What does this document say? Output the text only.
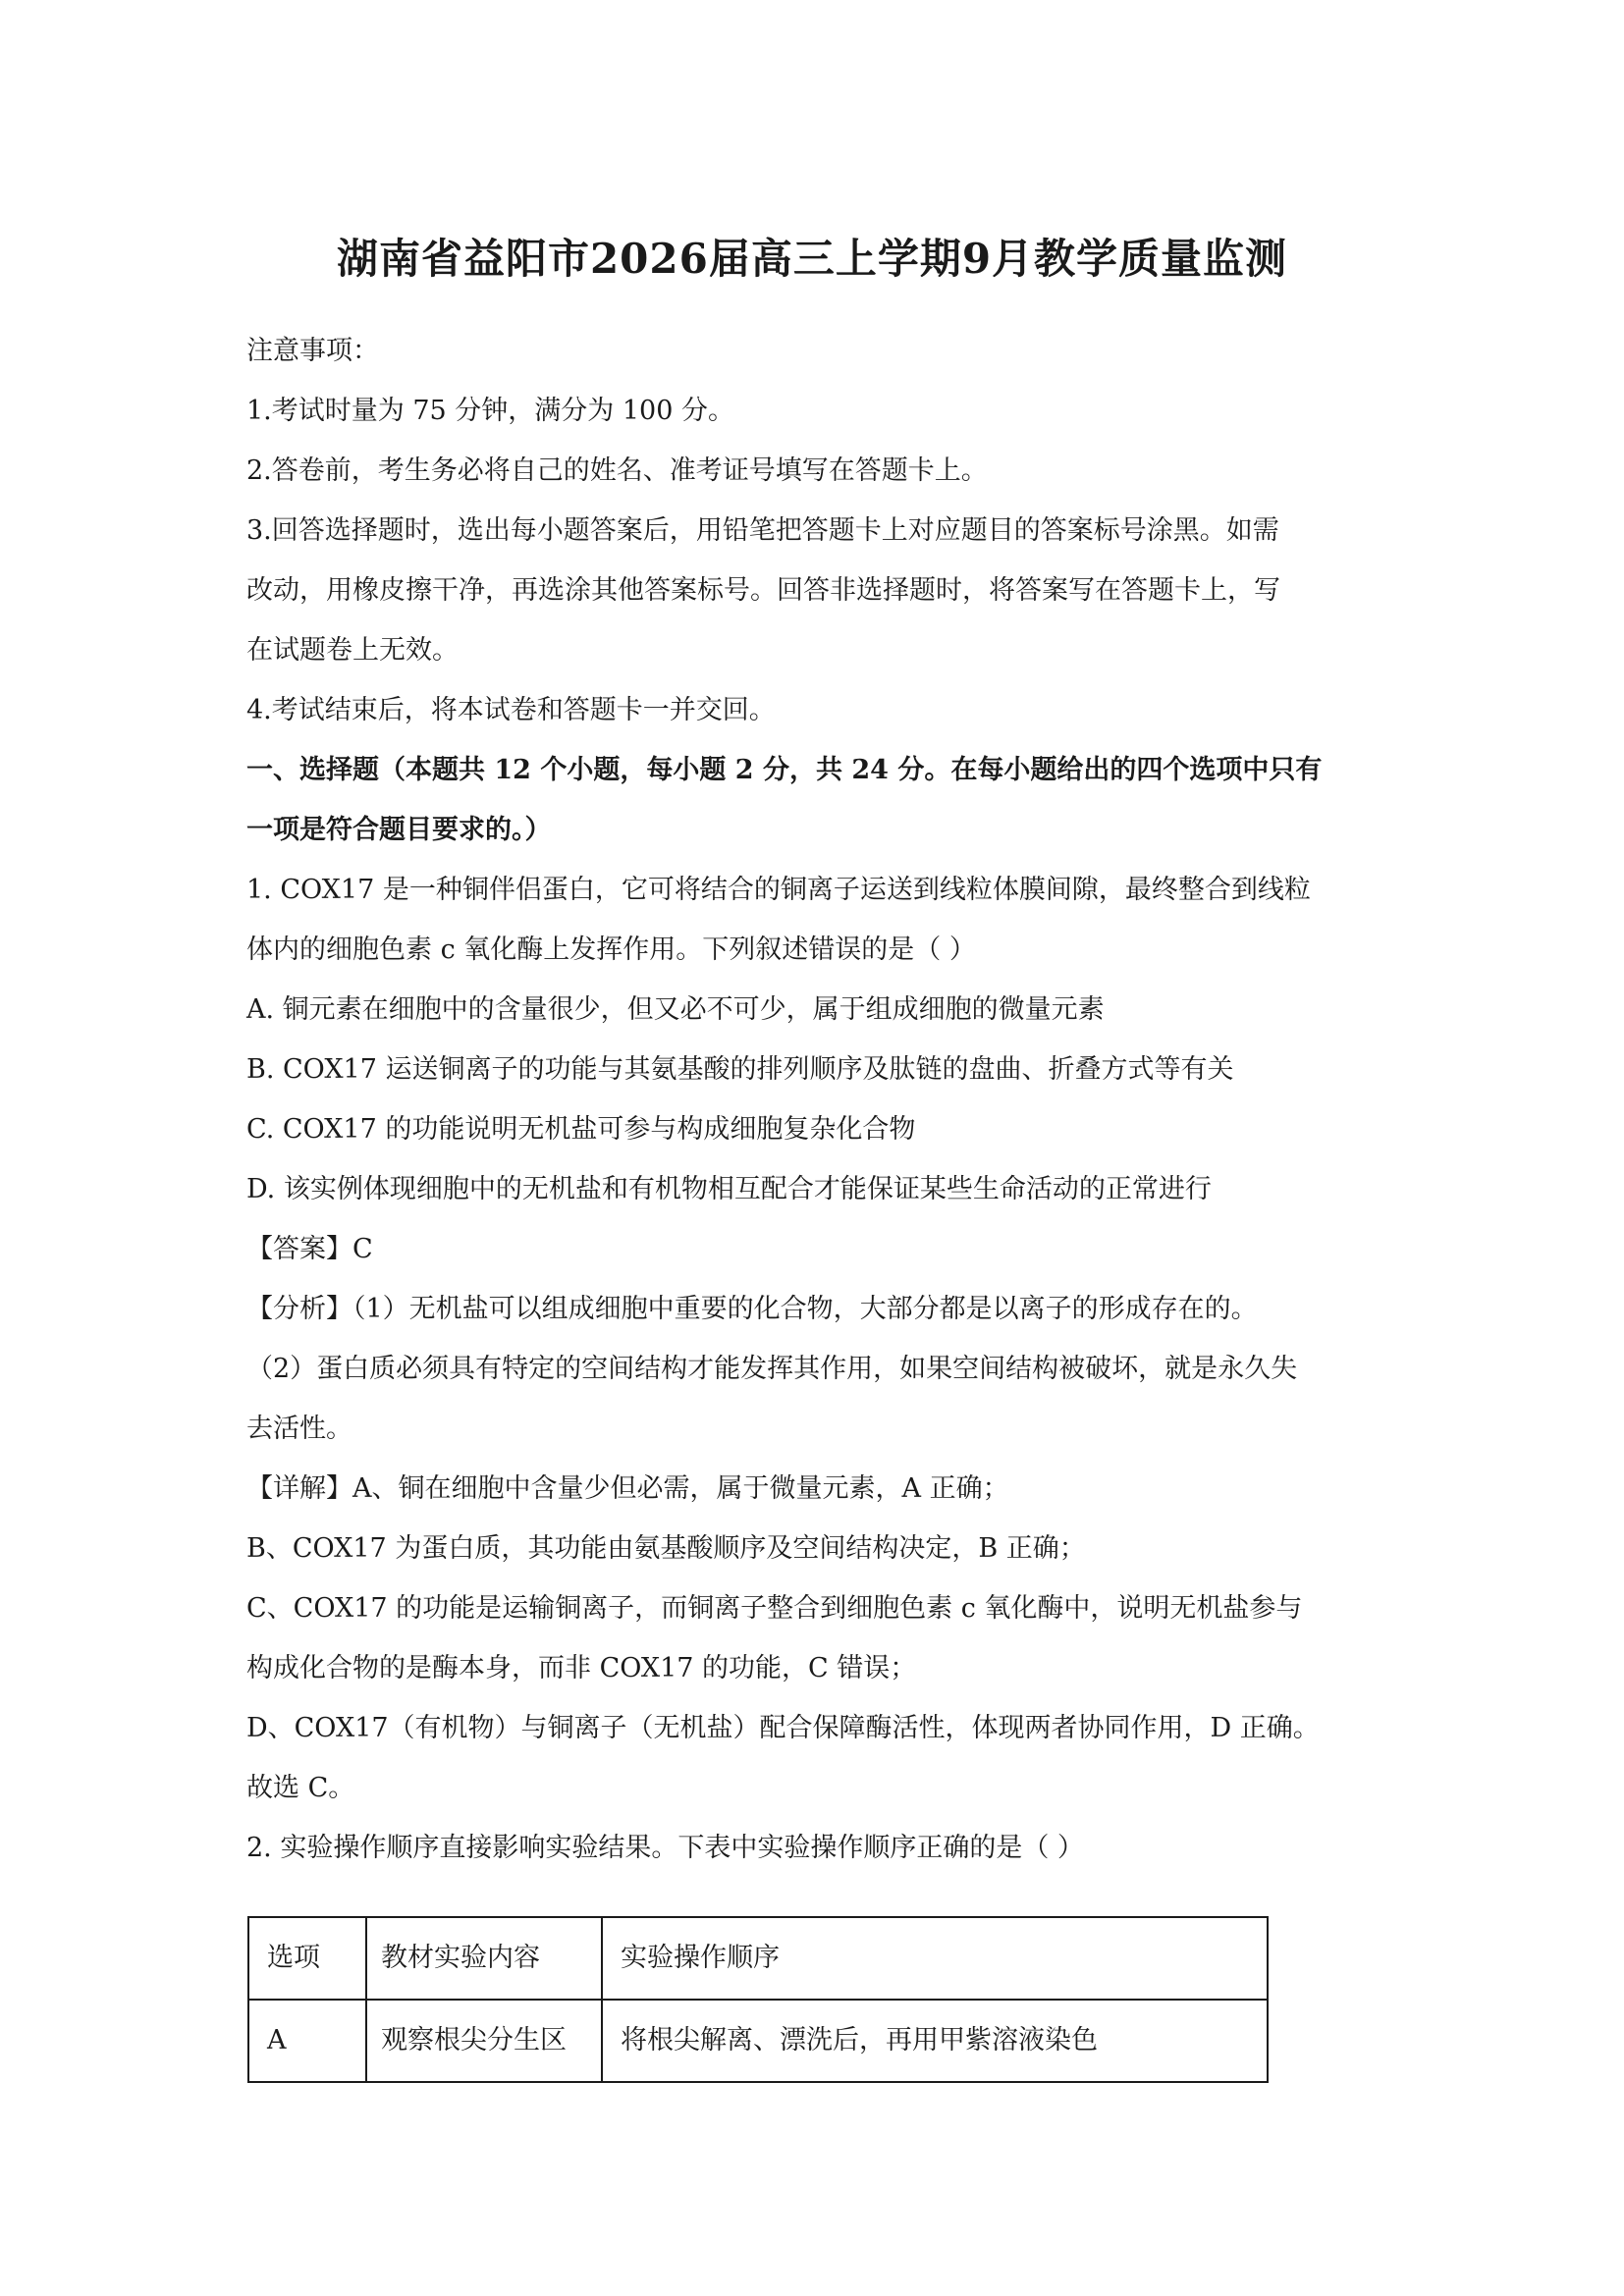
湖南省益阳市2026届高三上学期9月教学质量监测

注意事项：

1.考试时量为 75 分钟，满分为 100 分。

2.答卷前，考生务必将自己的姓名、准考证号填写在答题卡上。

3.回答选择题时，选出每小题答案后，用铅笔把答题卡上对应题目的答案标号涂黑。如需

改动，用橡皮擦干净，再选涂其他答案标号。回答非选择题时，将答案写在答题卡上，写

在试题卷上无效。

4.考试结束后，将本试卷和答题卡一并交回。

一、选择题（本题共 12 个小题，每小题 2 分，共 24 分。在每小题给出的四个选项中只有

一项是符合题目要求的。）

1. COX17 是一种铜伴侣蛋白，它可将结合的铜离子运送到线粒体膜间隙，最终整合到线粒

体内的细胞色素 c 氧化酶上发挥作用。下列叙述错误的是（ ）

A. 铜元素在细胞中的含量很少，但又必不可少，属于组成细胞的微量元素

B. COX17 运送铜离子的功能与其氨基酸的排列顺序及肽链的盘曲、折叠方式等有关

C. COX17 的功能说明无机盐可参与构成细胞复杂化合物

D. 该实例体现细胞中的无机盐和有机物相互配合才能保证某些生命活动的正常进行

【答案】C

【分析】（1）无机盐可以组成细胞中重要的化合物，大部分都是以离子的形成存在的。

（2）蛋白质必须具有特定的空间结构才能发挥其作用，如果空间结构被破坏，就是永久失

去活性。

【详解】A、铜在细胞中含量少但必需，属于微量元素，A 正确；

B、COX17 为蛋白质，其功能由氨基酸顺序及空间结构决定，B 正确；

C、COX17 的功能是运输铜离子，而铜离子整合到细胞色素 c 氧化酶中，说明无机盐参与

构成化合物的是酶本身，而非 COX17 的功能，C 错误；

D、COX17（有机物）与铜离子（无机盐）配合保障酶活性，体现两者协同作用，D 正确。

故选 C。

2. 实验操作顺序直接影响实验结果。下表中实验操作顺序正确的是（ ）

选项	教材实验内容	实验操作顺序
A	观察根尖分生区	将根尖解离、漂洗后，再用甲紫溶液染色
